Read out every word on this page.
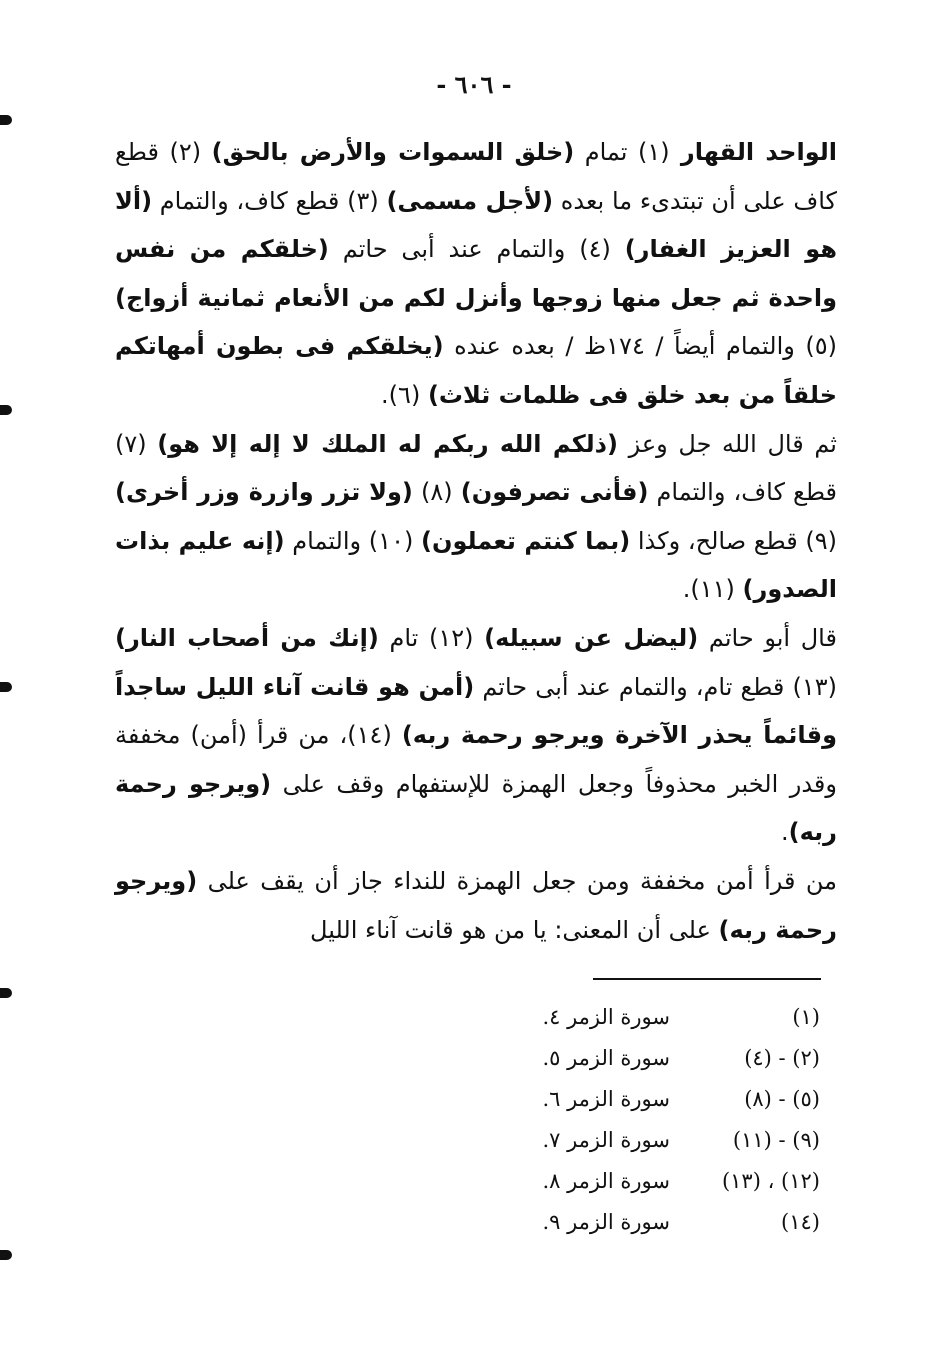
- ٦٠٦ -

الواحد القهار (١) تمام (خلق السموات والأرض بالحق) (٢) قطع كاف على أن تبتدىء ما بعده (لأجل مسمى) (٣) قطع كاف، والتمام (ألا هو العزيز الغفار) (٤) والتمام عند أبى حاتم (خلقكم من نفس واحدة ثم جعل منها زوجها وأنزل لكم من الأنعام ثمانية أزواج) (٥) والتمام أيضاً / ١٧٤ظ / بعده عنده (يخلقكم فى بطون أمهاتكم خلقاً من بعد خلق فى ظلمات ثلاث) (٦).

ثم قال الله جل وعز (ذلكم الله ربكم له الملك لا إله إلا هو) (٧) قطع كاف، والتمام (فأنى تصرفون) (٨) (ولا تزر وازرة وزر أخرى) (٩) قطع صالح، وكذا (بما كنتم تعملون) (١٠) والتمام (إنه عليم بذات الصدور) (١١).

قال أبو حاتم (ليضل عن سبيله) (١٢) تام (إنك من أصحاب النار) (١٣) قطع تام، والتمام عند أبى حاتم (أمن هو قانت آناء الليل ساجداً وقائماً يحذر الآخرة ويرجو رحمة ربه) (١٤)، من قرأ (أمن) مخففة وقدر الخبر محذوفاً وجعل الهمزة للإستفهام وقف على (ويرجو رحمة ربه).

من قرأ أمن مخففة ومن جعل الهمزة للنداء جاز أن يقف على (ويرجو رحمة ربه) على أن المعنى: يا من هو قانت آناء الليل

(١)
سورة الزمر ٤.
(٢) - (٤)
سورة الزمر ٥.
(٥) - (٨)
سورة الزمر ٦.
(٩) - (١١)
سورة الزمر ٧.
(١٢) ، (١٣)
سورة الزمر ٨.
(١٤)
سورة الزمر ٩.
